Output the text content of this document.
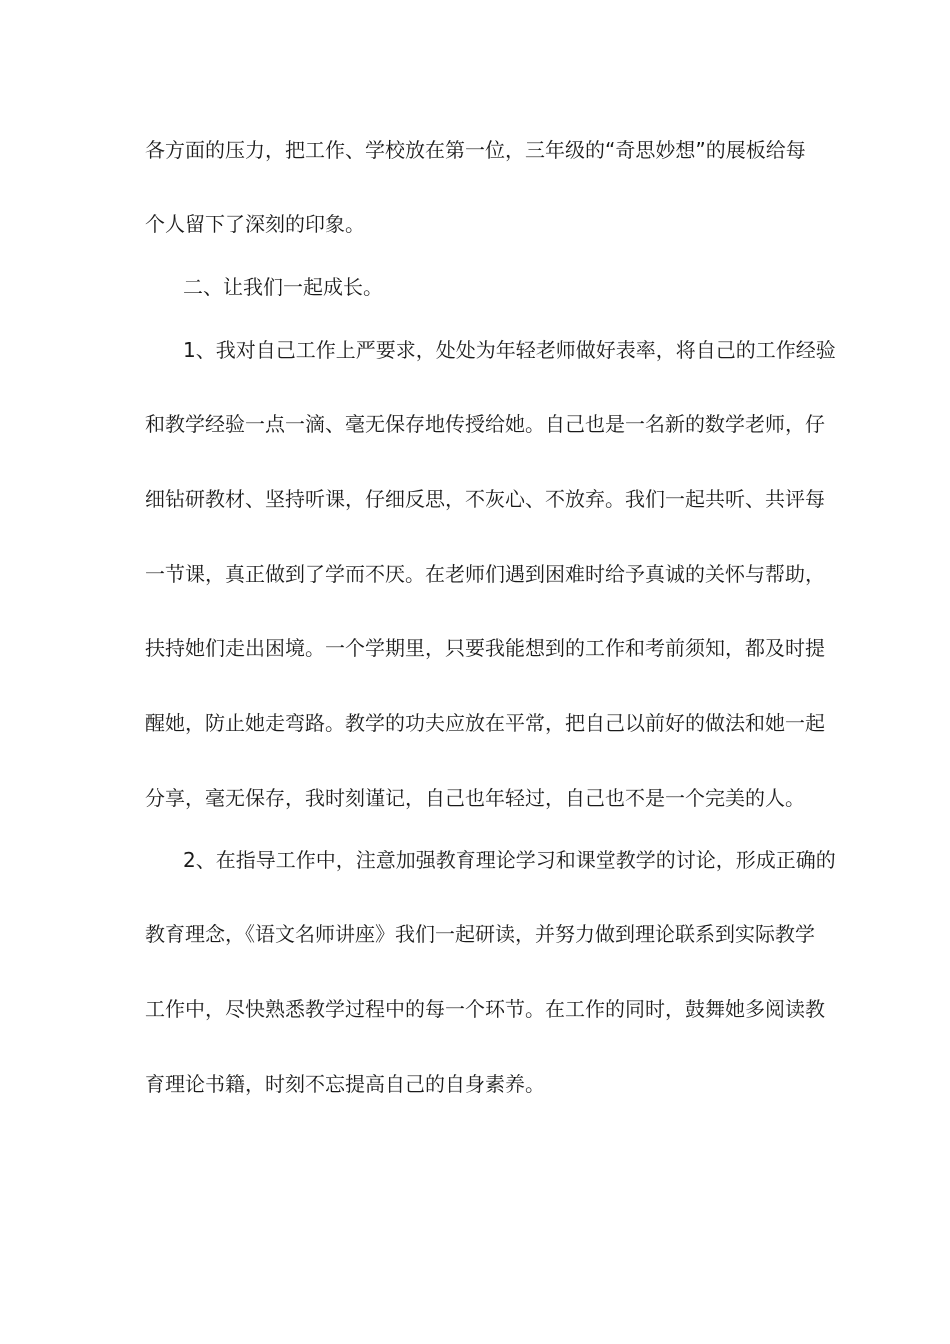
各方面的压力，把工作、学校放在第一位，三年级的“奇思妙想”的展板给每
个人留下了深刻的印象。
二、让我们一起成长。
1、我对自己工作上严要求，处处为年轻老师做好表率，将自己的工作经验
和教学经验一点一滴、毫无保存地传授给她。自己也是一名新的数学老师，仔
细钻研教材、坚持听课，仔细反思，不灰心、不放弃。我们一起共听、共评每
一节课，真正做到了学而不厌。在老师们遇到困难时给予真诚的关怀与帮助，
扶持她们走出困境。一个学期里，只要我能想到的工作和考前须知，都及时提
醒她，防止她走弯路。教学的功夫应放在平常，把自己以前好的做法和她一起
分享，毫无保存，我时刻谨记，自己也年轻过，自己也不是一个完美的人。
2、在指导工作中，注意加强教育理论学习和课堂教学的讨论，形成正确的
教育理念，《语文名师讲座》我们一起研读，并努力做到理论联系到实际教学
工作中，尽快熟悉教学过程中的每一个环节。在工作的同时，鼓舞她多阅读教
育理论书籍，时刻不忘提高自己的自身素养。
